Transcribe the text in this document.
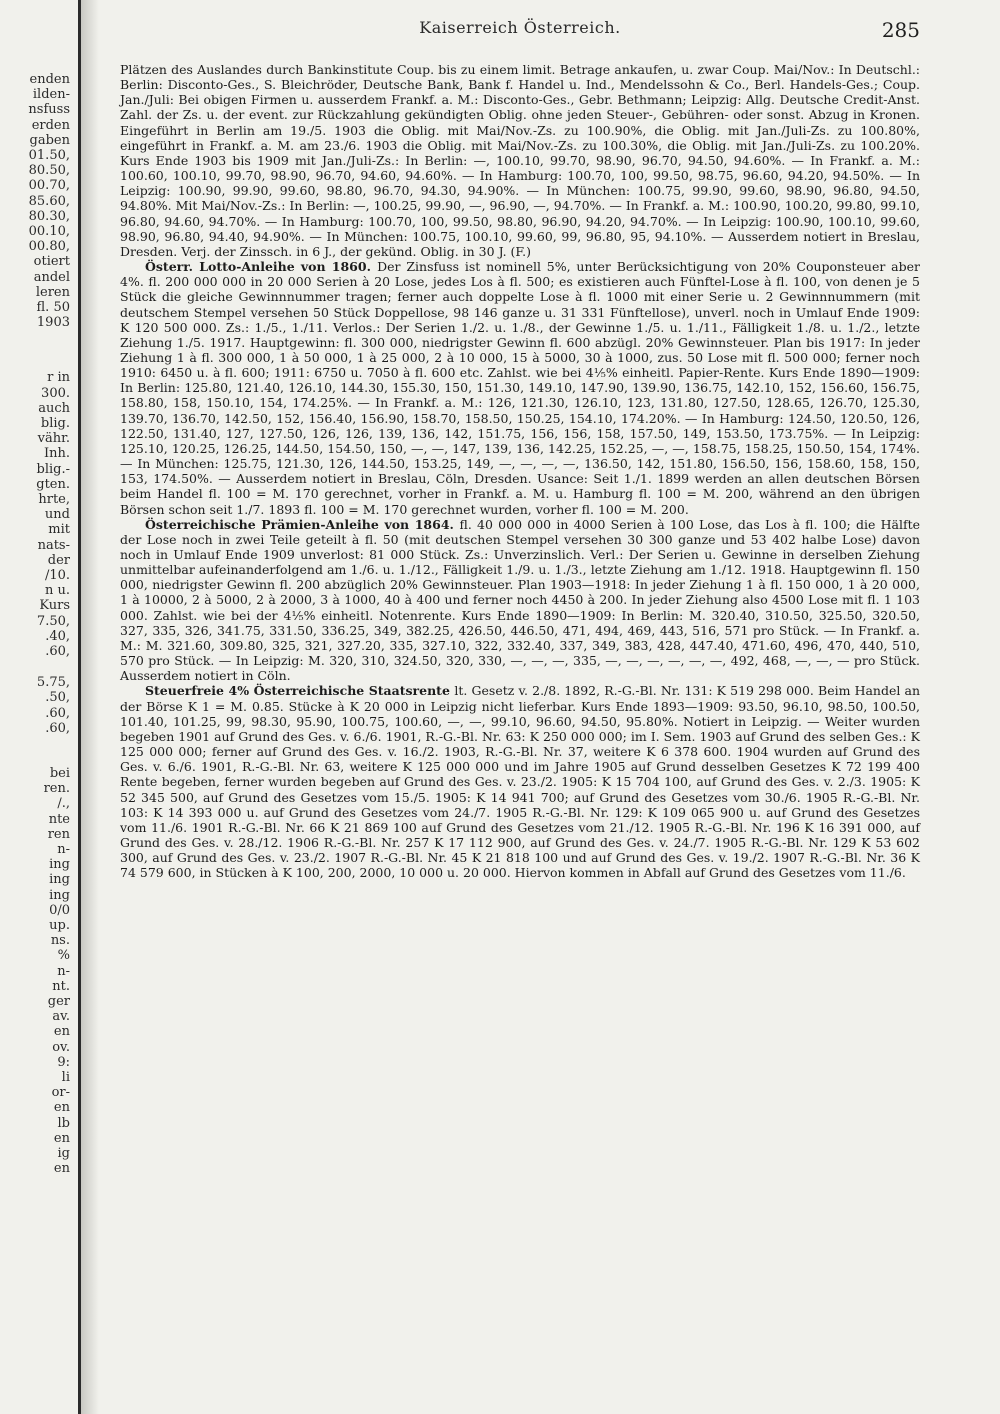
enden
ilden-
nsfuss
erden
gaben
01.50,
80.50,
00.70,
85.60,
80.30,
00.10,
00.80,
otiert
andel
leren
fl. 50
1903
r in
300.
auch
blig.
vähr.
Inh.
blig.-
gten.
hrte,
und
mit
nats-
der
/10.
n u.
Kurs
7.50,
.40,
.60,
5.75,
.50,
.60,
.60,
bei
ren.
/.,
nte
ren
n-
ing
ing
ing
0/0
up.
ns.
%
n-
nt.
ger
av.
en
ov.
9:
li
or-
en
lb
en
ig
en
Kaiserreich Österreich.	285

Plätzen des Auslandes durch Bankinstitute Coup. bis zu einem limit. Betrage ankaufen, u. zwar Coup. Mai/Nov.: In Deutschl.: Berlin: Disconto-Ges., S. Bleichröder, Deutsche Bank, Bank f. Handel u. Ind., Mendelssohn & Co., Berl. Handels-Ges.; Coup. Jan./Juli: Bei obigen Firmen u. ausserdem Frankf. a. M.: Disconto-Ges., Gebr. Bethmann; Leipzig: Allg. Deutsche Credit-Anst. Zahl. der Zs. u. der event. zur Rückzahlung gekündigten Oblig. ohne jeden Steuer-, Gebühren- oder sonst. Abzug in Kronen. Eingeführt in Berlin am 19./5. 1903 die Oblig. mit Mai/Nov.-Zs. zu 100.90%, die Oblig. mit Jan./Juli-Zs. zu 100.80%, eingeführt in Frankf. a. M. am 23./6. 1903 die Oblig. mit Mai/Nov.-Zs. zu 100.30%, die Oblig. mit Jan./Juli-Zs. zu 100.20%. Kurs Ende 1903 bis 1909 mit Jan./Juli-Zs.: In Berlin: —, 100.10, 99.70, 98.90, 96.70, 94.50, 94.60%. — In Frankf. a. M.: 100.60, 100.10, 99.70, 98.90, 96.70, 94.60, 94.60%. — In Hamburg: 100.70, 100, 99.50, 98.75, 96.60, 94.20, 94.50%. — In Leipzig: 100.90, 99.90, 99.60, 98.80, 96.70, 94.30, 94.90%. — In München: 100.75, 99.90, 99.60, 98.90, 96.80, 94.50, 94.80%. Mit Mai/Nov.-Zs.: In Berlin: —, 100.25, 99.90, —, 96.90, —, 94.70%. — In Frankf. a. M.: 100.90, 100.20, 99.80, 99.10, 96.80, 94.60, 94.70%. — In Hamburg: 100.70, 100, 99.50, 98.80, 96.90, 94.20, 94.70%. — In Leipzig: 100.90, 100.10, 99.60, 98.90, 96.80, 94.40, 94.90%. — In München: 100.75, 100.10, 99.60, 99, 96.80, 95, 94.10%. — Ausserdem notiert in Breslau, Dresden. Verj. der Zinssch. in 6 J., der gekünd. Oblig. in 30 J. (F.)

Österr. Lotto-Anleihe von 1860. Der Zinsfuss ist nominell 5%, unter Berücksichtigung von 20% Couponsteuer aber 4%. fl. 200 000 000 in 20 000 Serien à 20 Lose, jedes Los à fl. 500; es existieren auch Fünftel-Lose à fl. 100, von denen je 5 Stück die gleiche Gewinnnummer tragen; ferner auch doppelte Lose à fl. 1000 mit einer Serie u. 2 Gewinnnummern (mit deutschem Stempel versehen 50 Stück Doppellose, 98 146 ganze u. 31 331 Fünftellose), unverl. noch in Umlauf Ende 1909: K 120 500 000. Zs.: 1./5., 1./11. Verlos.: Der Serien 1./2. u. 1./8., der Gewinne 1./5. u. 1./11., Fälligkeit 1./8. u. 1./2., letzte Ziehung 1./5. 1917. Hauptgewinn: fl. 300 000, niedrigster Gewinn fl. 600 abzügl. 20% Gewinnsteuer. Plan bis 1917: In jeder Ziehung 1 à fl. 300 000, 1 à 50 000, 1 à 25 000, 2 à 10 000, 15 à 5000, 30 à 1000, zus. 50 Lose mit fl. 500 000; ferner noch 1910: 6450 u. à fl. 600; 1911: 6750 u. 7050 à fl. 600 etc. Zahlst. wie bei 4⅕% einheitl. Papier-Rente. Kurs Ende 1890—1909: In Berlin: 125.80, 121.40, 126.10, 144.30, 155.30, 150, 151.30, 149.10, 147.90, 139.90, 136.75, 142.10, 152, 156.60, 156.75, 158.80, 158, 150.10, 154, 174.25%. — In Frankf. a. M.: 126, 121.30, 126.10, 123, 131.80, 127.50, 128.65, 126.70, 125.30, 139.70, 136.70, 142.50, 152, 156.40, 156.90, 158.70, 158.50, 150.25, 154.10, 174.20%. — In Hamburg: 124.50, 120.50, 126, 122.50, 131.40, 127, 127.50, 126, 126, 139, 136, 142, 151.75, 156, 156, 158, 157.50, 149, 153.50, 173.75%. — In Leipzig: 125.10, 120.25, 126.25, 144.50, 154.50, 150, —, —, 147, 139, 136, 142.25, 152.25, —, —, 158.75, 158.25, 150.50, 154, 174%. — In München: 125.75, 121.30, 126, 144.50, 153.25, 149, —, —, —, —, 136.50, 142, 151.80, 156.50, 156, 158.60, 158, 150, 153, 174.50%. — Ausserdem notiert in Breslau, Cöln, Dresden. Usance: Seit 1./1. 1899 werden an allen deutschen Börsen beim Handel fl. 100 = M. 170 gerechnet, vorher in Frankf. a. M. u. Hamburg fl. 100 = M. 200, während an den übrigen Börsen schon seit 1./7. 1893 fl. 100 = M. 170 gerechnet wurden, vorher fl. 100 = M. 200.

Österreichische Prämien-Anleihe von 1864. fl. 40 000 000 in 4000 Serien à 100 Lose, das Los à fl. 100; die Hälfte der Lose noch in zwei Teile geteilt à fl. 50 (mit deutschen Stempel versehen 30 300 ganze und 53 402 halbe Lose) davon noch in Umlauf Ende 1909 unverlost: 81 000 Stück. Zs.: Unverzinslich. Verl.: Der Serien u. Gewinne in derselben Ziehung unmittelbar aufeinanderfolgend am 1./6. u. 1./12., Fälligkeit 1./9. u. 1./3., letzte Ziehung am 1./12. 1918. Hauptgewinn fl. 150 000, niedrigster Gewinn fl. 200 abzüglich 20% Gewinnsteuer. Plan 1903—1918: In jeder Ziehung 1 à fl. 150 000, 1 à 20 000, 1 à 10000, 2 à 5000, 2 à 2000, 3 à 1000, 40 à 400 und ferner noch 4450 à 200. In jeder Ziehung also 4500 Lose mit fl. 1 103 000. Zahlst. wie bei der 4⅕% einheitl. Notenrente. Kurs Ende 1890—1909: In Berlin: M. 320.40, 310.50, 325.50, 320.50, 327, 335, 326, 341.75, 331.50, 336.25, 349, 382.25, 426.50, 446.50, 471, 494, 469, 443, 516, 571 pro Stück. — In Frankf. a. M.: M. 321.60, 309.80, 325, 321, 327.20, 335, 327.10, 322, 332.40, 337, 349, 383, 428, 447.40, 471.60, 496, 470, 440, 510, 570 pro Stück. — In Leipzig: M. 320, 310, 324.50, 320, 330, —, —, —, 335, —, —, —, —, —, —, 492, 468, —, —, — pro Stück. Ausserdem notiert in Cöln.

Steuerfreie 4% Österreichische Staatsrente lt. Gesetz v. 2./8. 1892, R.-G.-Bl. Nr. 131: K 519 298 000. Beim Handel an der Börse K 1 = M. 0.85. Stücke à K 20 000 in Leipzig nicht lieferbar. Kurs Ende 1893—1909: 93.50, 96.10, 98.50, 100.50, 101.40, 101.25, 99, 98.30, 95.90, 100.75, 100.60, —, —, 99.10, 96.60, 94.50, 95.80%. Notiert in Leipzig. — Weiter wurden begeben 1901 auf Grund des Ges. v. 6./6. 1901, R.-G.-Bl. Nr. 63: K 250 000 000; im I. Sem. 1903 auf Grund des selben Ges.: K 125 000 000; ferner auf Grund des Ges. v. 16./2. 1903, R.-G.-Bl. Nr. 37, weitere K 6 378 600. 1904 wurden auf Grund des Ges. v. 6./6. 1901, R.-G.-Bl. Nr. 63, weitere K 125 000 000 und im Jahre 1905 auf Grund desselben Gesetzes K 72 199 400 Rente begeben, ferner wurden begeben auf Grund des Ges. v. 23./2. 1905: K 15 704 100, auf Grund des Ges. v. 2./3. 1905: K 52 345 500, auf Grund des Gesetzes vom 15./5. 1905: K 14 941 700; auf Grund des Gesetzes vom 30./6. 1905 R.-G.-Bl. Nr. 103: K 14 393 000 u. auf Grund des Gesetzes vom 24./7. 1905 R.-G.-Bl. Nr. 129: K 109 065 900 u. auf Grund des Gesetzes vom 11./6. 1901 R.-G.-Bl. Nr. 66 K 21 869 100 auf Grund des Gesetzes vom 21./12. 1905 R.-G.-Bl. Nr. 196 K 16 391 000, auf Grund des Ges. v. 28./12. 1906 R.-G.-Bl. Nr. 257 K 17 112 900, auf Grund des Ges. v. 24./7. 1905 R.-G.-Bl. Nr. 129 K 53 602 300, auf Grund des Ges. v. 23./2. 1907 R.-G.-Bl. Nr. 45 K 21 818 100 und auf Grund des Ges. v. 19./2. 1907 R.-G.-Bl. Nr. 36 K 74 579 600, in Stücken à K 100, 200, 2000, 10 000 u. 20 000. Hiervon kommen in Abfall auf Grund des Gesetzes vom 11./6.
